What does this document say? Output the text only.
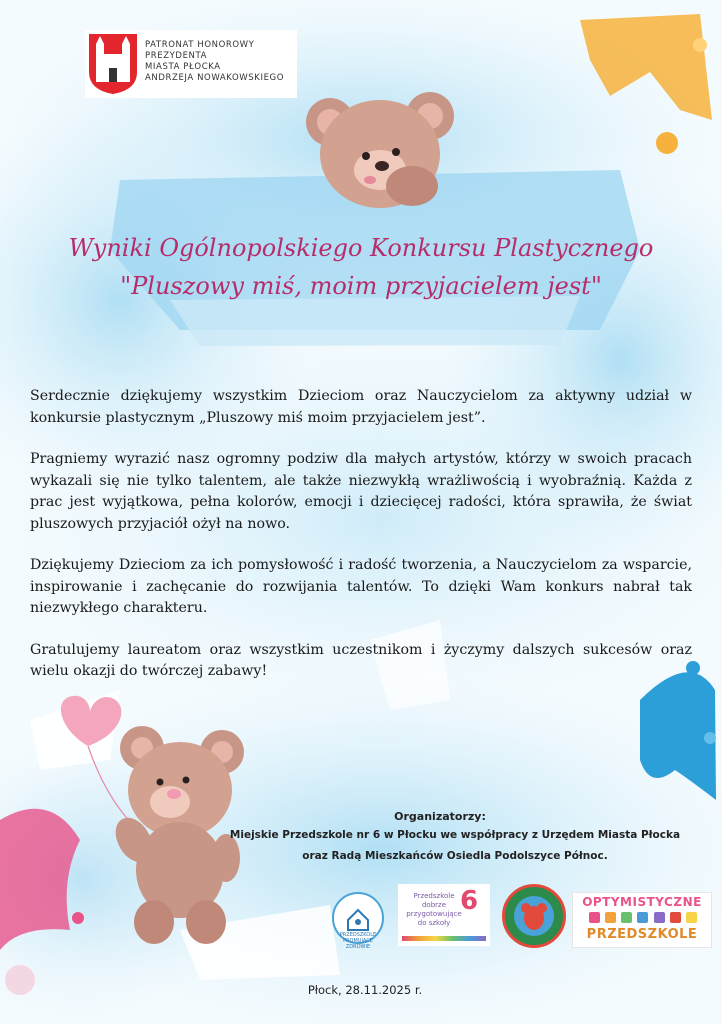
PATRONAT HONOROWY
PREZYDENTA
MIASTA PŁOCKA
ANDRZEJA NOWAKOWSKIEGO
Wyniki Ogólnopolskiego Konkursu Plastycznego
"Pluszowy miś, moim przyjacielem jest"

Serdecznie dziękujemy wszystkim Dzieciom oraz Nauczycielom za aktywny udział w konkursie plastycznym „Pluszowy miś moim przyjacielem jest”.

Pragniemy wyrazić nasz ogromny podziw dla małych artystów, którzy w swoich pracach wykazali się nie tylko talentem, ale także niezwykłą wrażliwością i wyobraźnią. Każda z prac jest wyjątkowa, pełna kolorów, emocji i dziecięcej radości, która sprawiła, że świat pluszowych przyjaciół ożył na nowo.

Dziękujemy Dzieciom za ich pomysłowość i radość tworzenia, a Nauczycielom za wsparcie, inspirowanie i zachęcanie do rozwijania talentów. To dzięki Wam konkurs nabrał tak niezwykłego charakteru.

Gratulujemy laureatom oraz wszystkim uczestnikom i życzymy dalszych sukcesów oraz wielu okazji do twórczej zabawy!

Organizatorzy:
Miejskie Przedszkole nr 6 w Płocku we współpracy z Urzędem Miasta Płocka
oraz Radą Mieszkańców Osiedla Podolszyce Północ.
PRZEDSZKOLE PROMUJĄCE ZDROWIE
Przedszkole dobrze przygotowujące do szkoły
6	OPTYMISTYCZNE
PRZEDSZKOLE
Płock, 28.11.2025 r.
